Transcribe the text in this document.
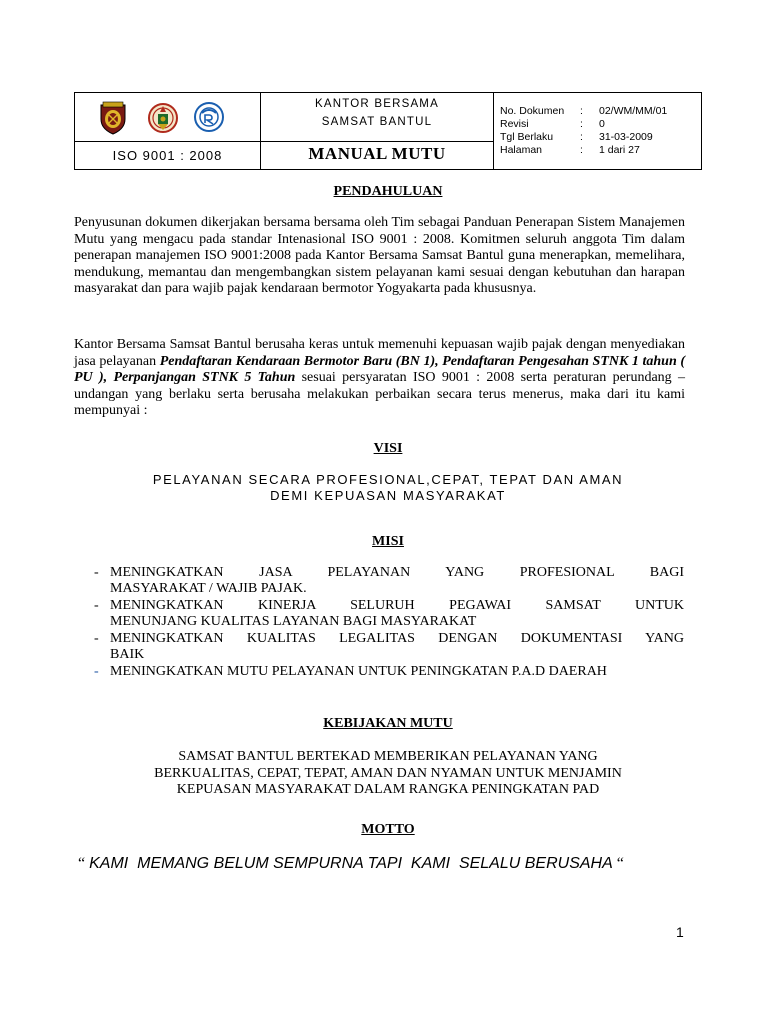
ISO 9001 : 2008
KANTOR BERSAMA
SAMSAT BANTUL
MANUAL MUTU
No. Dokumen : 02/WM/MM/01
Revisi	: 0
Tgl Berlaku	: 31-03-2009
Halaman	: 1 dari 27
PENDAHULUAN
Penyusunan dokumen dikerjakan bersama bersama oleh Tim sebagai Panduan Penerapan Sistem Manajemen Mutu yang mengacu pada standar Intenasional ISO 9001 : 2008. Komitmen seluruh anggota Tim dalam penerapan manajemen ISO 9001:2008 pada Kantor Bersama Samsat Bantul guna menerapkan, memelihara, mendukung, memantau dan mengembangkan sistem pelayanan kami sesuai dengan kebutuhan dan harapan masyarakat dan para wajib pajak kendaraan bermotor Yogyakarta pada khususnya.
Kantor Bersama Samsat Bantul berusaha keras untuk memenuhi kepuasan wajib pajak dengan menyediakan jasa pelayanan Pendaftaran Kendaraan Bermotor Baru (BN 1), Pendaftaran Pengesahan STNK 1 tahun ( PU ), Perpanjangan STNK 5 Tahun sesuai persyaratan ISO 9001 : 2008 serta peraturan perundang – undangan yang berlaku serta berusaha melakukan perbaikan secara terus menerus, maka dari itu kami mempunyai :
VISI
PELAYANAN SECARA PROFESIONAL,CEPAT, TEPAT DAN AMAN
DEMI KEPUASAN MASYARAKAT
MISI
- MENINGKATKAN JASA PELAYANAN YANG PROFESIONAL BAGI
MASYARAKAT / WAJIB PAJAK.
- MENINGKATKAN KINERJA SELURUH PEGAWAI SAMSAT UNTUK
MENUNJANG KUALITAS LAYANAN BAGI MASYARAKAT
- MENINGKATKAN KUALITAS LEGALITAS DENGAN DOKUMENTASI YANG
BAIK
- MENINGKATKAN MUTU PELAYANAN UNTUK PENINGKATAN P.A.D DAERAH
KEBIJAKAN MUTU
SAMSAT BANTUL BERTEKAD MEMBERIKAN PELAYANAN YANG
BERKUALITAS, CEPAT, TEPAT, AMAN DAN NYAMAN UNTUK MENJAMIN
KEPUASAN MASYARAKAT DALAM RANGKA PENINGKATAN PAD
MOTTO
“ KAMI  MEMANG BELUM SEMPURNA TAPI  KAMI  SELALU BERUSAHA “
1
